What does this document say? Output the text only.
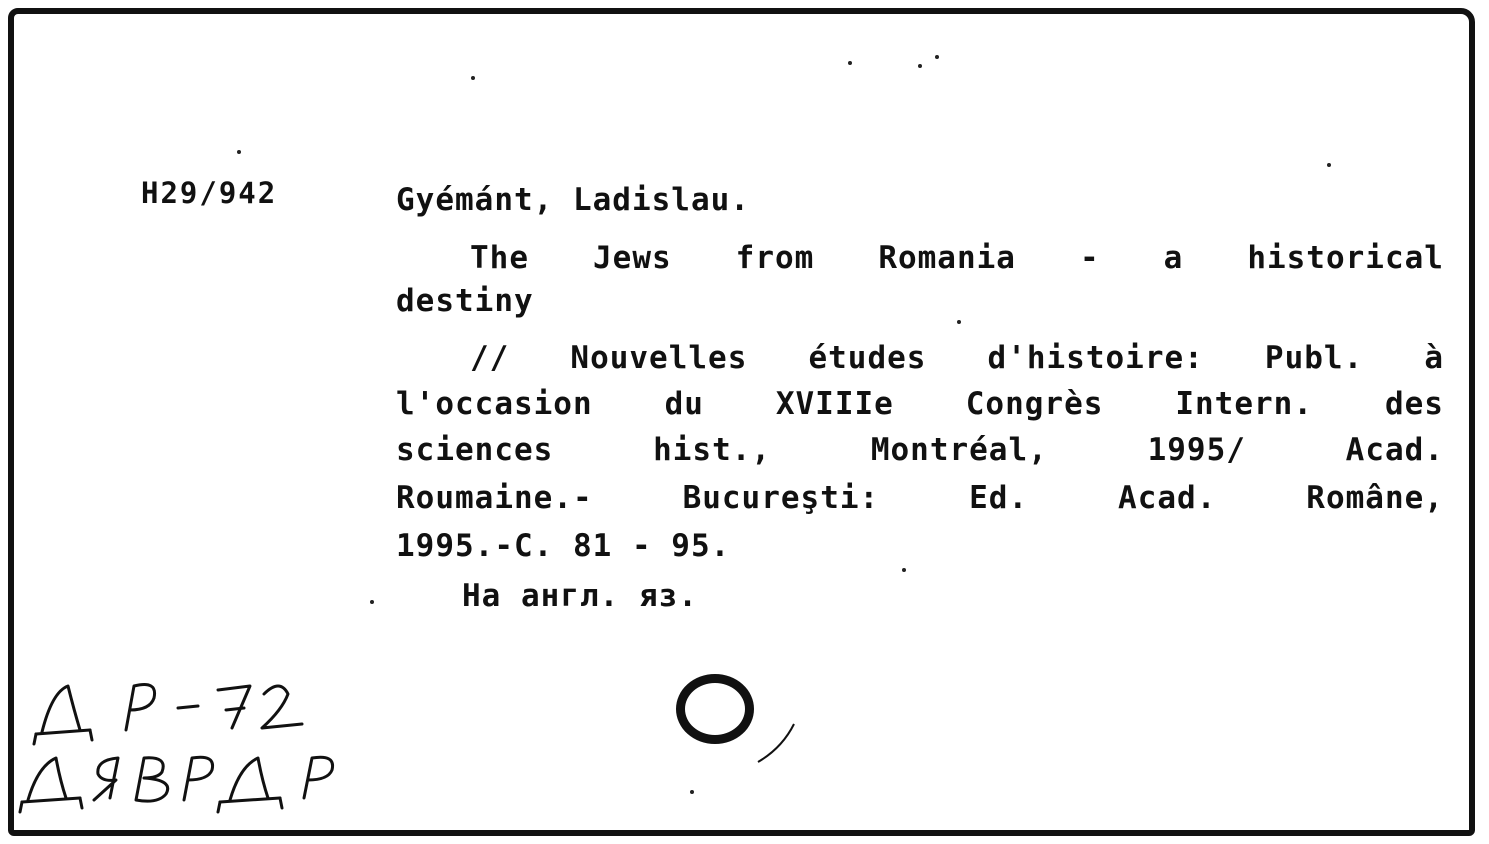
H29/942	Gyémánt, Ladislau.
The Jews from Romania - a historical
destiny
// Nouvelles études d'histoire: Publ. à
l'occasion du XVIIIe Congrès Intern. des
sciences	hist.,	Montréal,	1995/	Acad.
Roumaine.-	Bucureşti:	Ed.	Acad.	Române,
1995.-C. 81 - 95.
На англ. яз.
